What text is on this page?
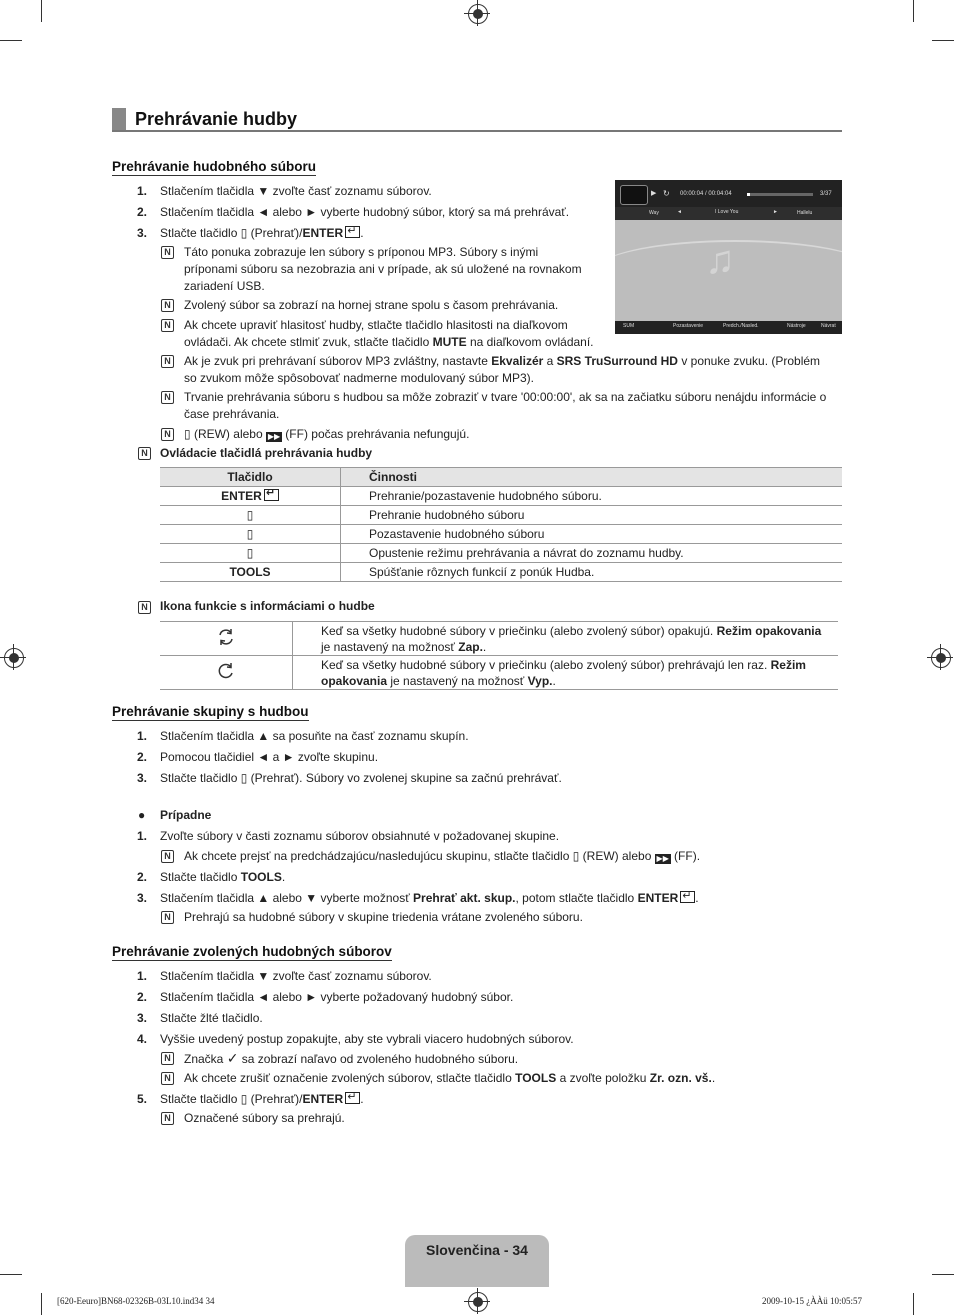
Prehrávanie hudby
Prehrávanie hudobného súboru
1. Stlačením tlačidla ▼ zvoľte časť zoznamu súborov.
2. Stlačením tlačidla ◄ alebo ► vyberte hudobný súbor, ktorý sa má prehrávať.
3. Stlačte tlačidlo ▯ (Prehrať)/ENTER ↵ .
N Táto ponuka zobrazuje len súbory s príponou MP3. Súbory s inými
príponami súboru sa nezobrazia ani v prípade, ak sú uložené na rovnakom
zariadení USB.
N Zvolený súbor sa zobrazí na hornej strane spolu s časom prehrávania.
N Ak chcete upraviť hlasitosť hudby, stlačte tlačidlo hlasitosti na diaľkovom
ovládači. Ak chcete stlmiť zvuk, stlačte tlačidlo MUTE na diaľkovom ovládaní.
N Ak je zvuk pri prehrávaní súborov MP3 zvláštny, nastavte Ekvalizér a SRS TruSurround HD v ponuke zvuku. (Problém
so zvukom môže spôsobovať nadmerne modulovaný súbor MP3).
N Trvanie prehrávania súboru s hudbou sa môže zobraziť v tvare '00:00:00', ak sa na začiatku súboru nenájdu informácie o
čase prehrávania.
N ▯ (REW) alebo ▶▶ (FF) počas prehrávania nefungujú.
N Ovládacie tlačidlá prehrávania hudby
Tlačidlo	Činnosti
ENTER↵	Prehranie/pozastavenie hudobného súboru.
▯	Prehranie hudobného súboru
▯	Pozastavenie hudobného súboru
▯	Opustenie režimu prehrávania a návrat do zoznamu hudby.
TOOLS	Spúšťanie rôznych funkcií z ponúk Hudba.
N Ikona funkcie s informáciami o hudbe
	Keď sa všetky hudobné súbory v priečinku (alebo zvolený súbor) opakujú. Režim opakovania
je nastavený na možnosť Zap..
	Keď sa všetky hudobné súbory v priečinku (alebo zvolený súbor) prehrávajú len raz. Režim
opakovania je nastavený na možnosť Vyp..
▶ ↻ 00:00:04 / 00:04:04	3/37
Way	◄	I Love You	►	Hallelu
♫
SUM	Pozastavenie	Predch./Nasled.	Nástroje	Návrat
Prehrávanie skupiny s hudbou
1. Stlačením tlačidla ▲ sa posuňte na časť zoznamu skupín.
2. Pomocou tlačidiel ◄ a ► zvoľte skupinu.
3. Stlačte tlačidlo ▯ (Prehrať). Súbory vo zvolenej skupine sa začnú prehrávať.
● Prípadne
1. Zvoľte súbory v časti zoznamu súborov obsiahnuté v požadovanej skupine.
N Ak chcete prejsť na predchádzajúcu/nasledujúcu skupinu, stlačte tlačidlo ▯ (REW) alebo ▶▶ (FF).
2. Stlačte tlačidlo TOOLS.
3. Stlačením tlačidla ▲ alebo ▼ vyberte možnosť Prehrať akt. skup., potom stlačte tlačidlo ENTER ↵ .
N Prehrajú sa hudobné súbory v skupine triedenia vrátane zvoleného súboru.
Prehrávanie zvolených hudobných súborov
1. Stlačením tlačidla ▼ zvoľte časť zoznamu súborov.
2. Stlačením tlačidla ◄ alebo ► vyberte požadovaný hudobný súbor.
3. Stlačte žlté tlačidlo.
4. Vyššie uvedený postup zopakujte, aby ste vybrali viacero hudobných súborov.
N Značka ✓ sa zobrazí naľavo od zvoleného hudobného súboru.
N Ak chcete zrušiť označenie zvolených súborov, stlačte tlačidlo TOOLS a zvoľte položku Zr. ozn. vš..
5. Stlačte tlačidlo ▯ (Prehrať)/ENTER ↵ .
N Označené súbory sa prehrajú.
Slovenčina - 34
[620-Eeuro]BN68-02326B-03L10.ind34 34	2009-10-15 ¿ÀÀü 10:05:57
